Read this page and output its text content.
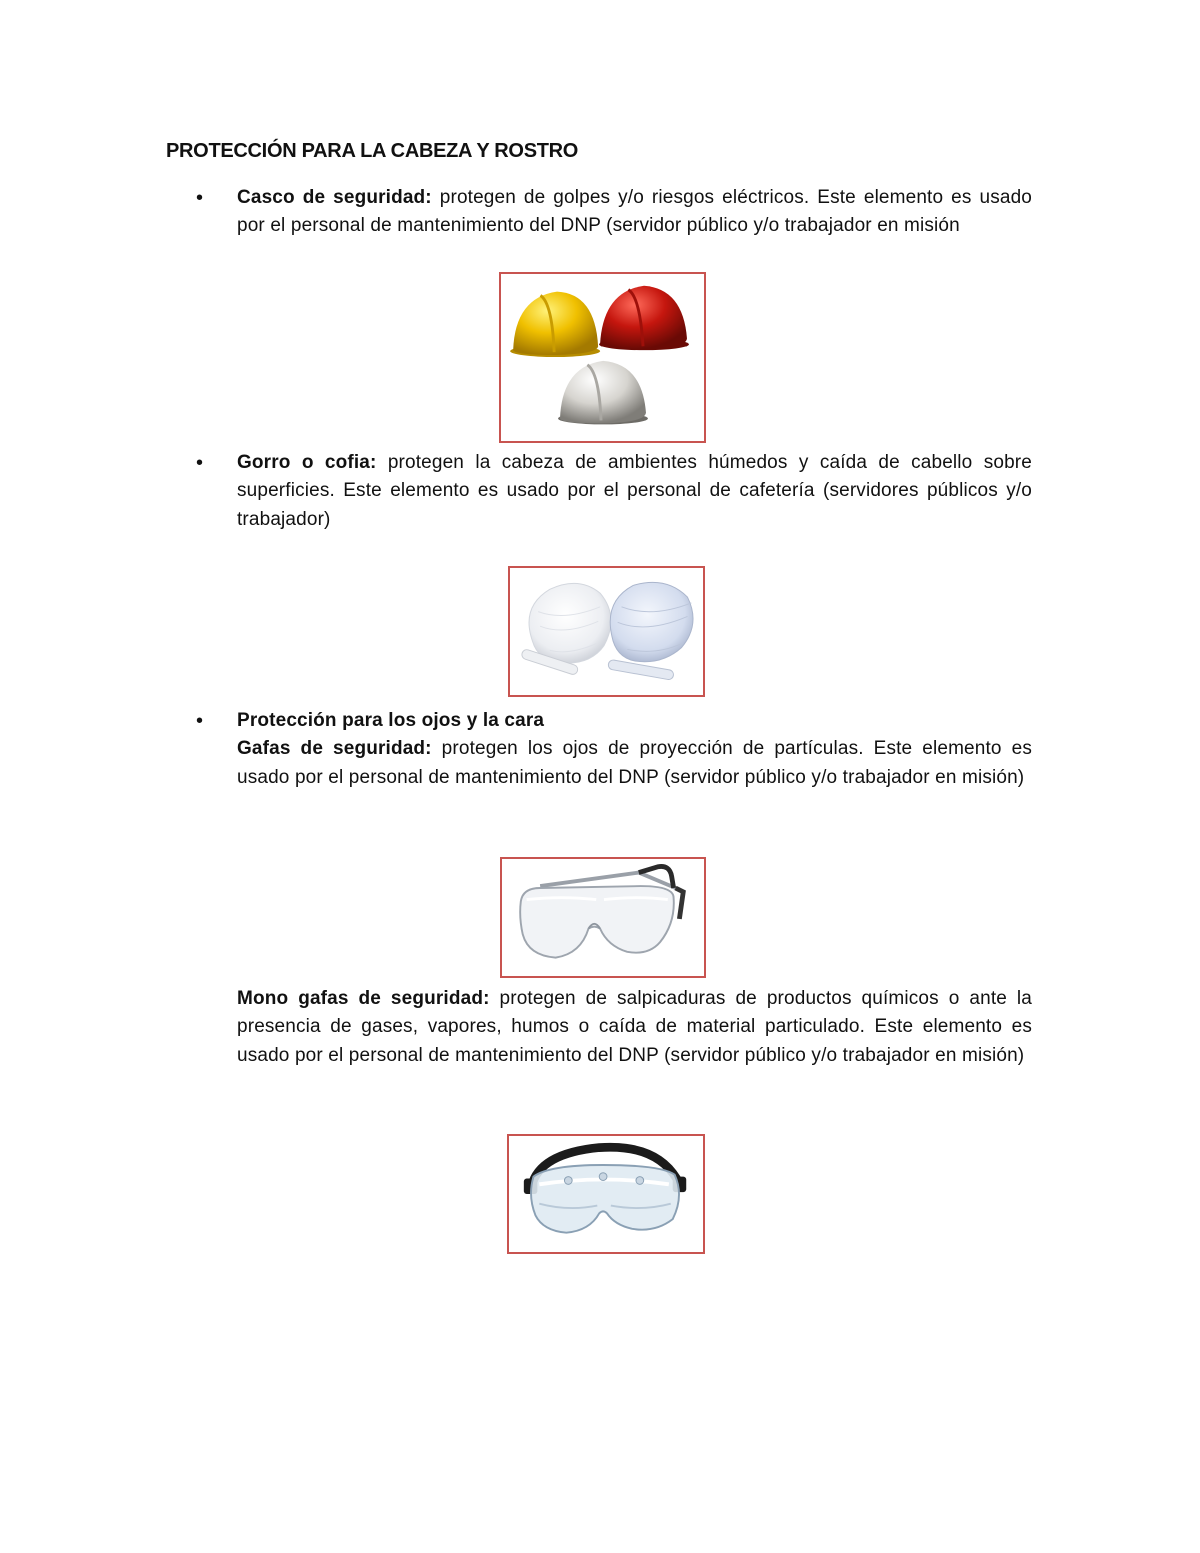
PROTECCIÓN PARA LA CABEZA Y ROSTRO
• Casco de seguridad: protegen de golpes y/o riesgos eléctricos. Este elemento es usado por el personal de mantenimiento del DNP (servidor público y/o trabajador en misión

• Gorro o cofia: protegen la cabeza de ambientes húmedos y caída de cabello sobre superficies. Este elemento es usado por el personal de cafetería (servidores públicos y/o trabajador)

• Protección para los ojos y la cara

Gafas de seguridad: protegen los ojos de proyección de partículas. Este elemento es usado por el personal de mantenimiento del DNP (servidor público y/o trabajador en misión)

Mono gafas de seguridad: protegen de salpicaduras de productos químicos o ante la presencia de gases, vapores, humos o caída de material particulado. Este elemento es usado por el personal de mantenimiento del DNP (servidor público y/o trabajador en misión)
